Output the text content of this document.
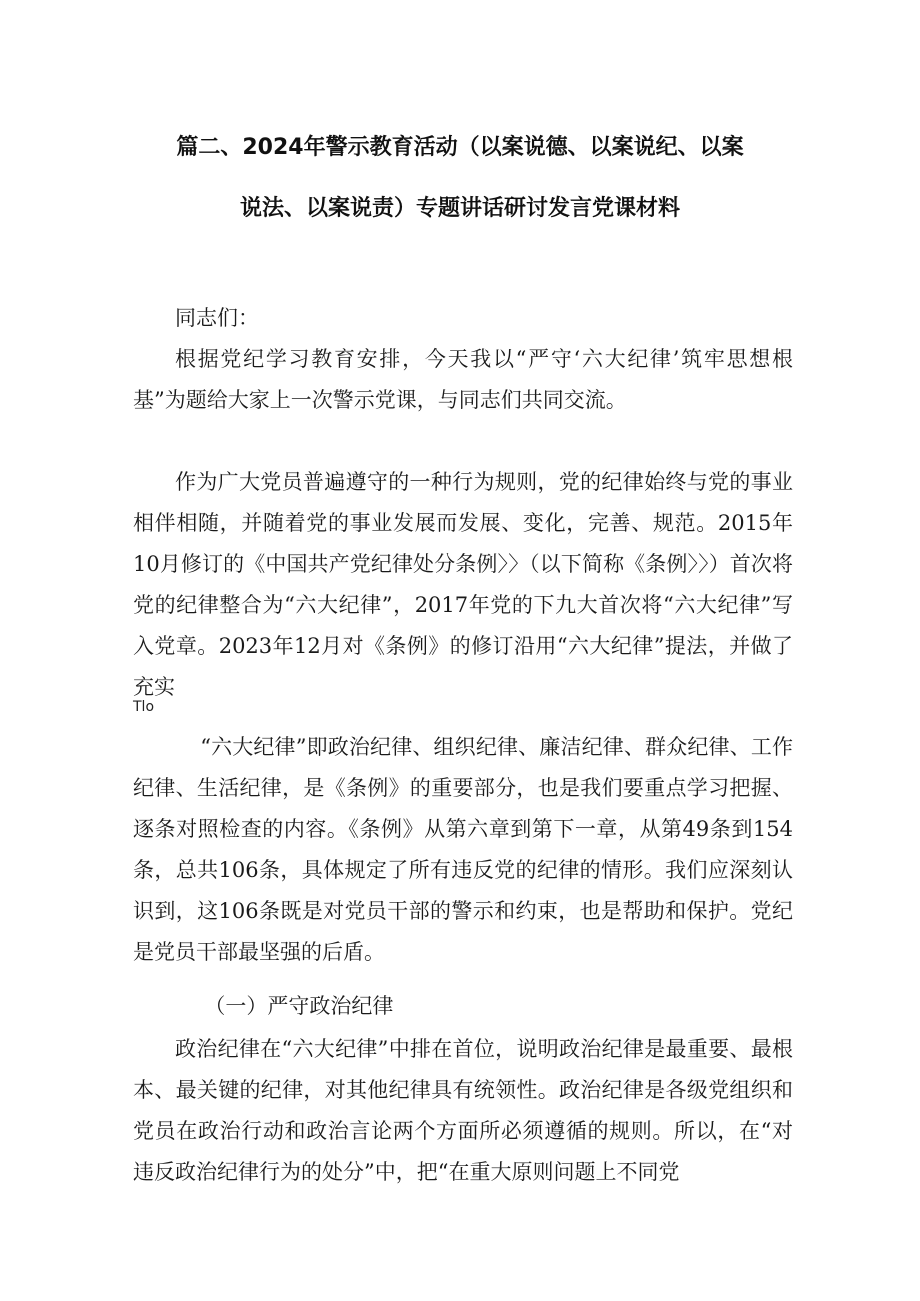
篇二、2024年警示教育活动（以案说德、以案说纪、以案
说法、以案说责）专题讲话研讨发言党课材料

同志们：

根据党纪学习教育安排，今天我以“严守‘六大纪律’筑牢思想根基”为题给大家上一次警示党课，与同志们共同交流。

作为广大党员普遍遵守的一种行为规则，党的纪律始终与党的事业相伴相随，并随着党的事业发展而发展、变化，完善、规范。2015年10月修订的《中国共产党纪律处分条例〉〉（以下简称《条例〉〉）首次将党的纪律整合为“六大纪律”，2017年党的下九大首次将“六大纪律”写入党章。2023年12月对《条例》的修订沿用“六大纪律”提法，并做了充实

Tlo

“六大纪律”即政治纪律、组织纪律、廉洁纪律、群众纪律、工作纪律、生活纪律，是《条例》的重要部分，也是我们要重点学习把握、逐条对照检查的内容。《条例》从第六章到第下一章，从第49条到154条，总共106条，具体规定了所有违反党的纪律的情形。我们应深刻认识到，这106条既是对党员干部的警示和约束，也是帮助和保护。党纪是党员干部最坚强的后盾。

（一）严守政治纪律

政治纪律在“六大纪律”中排在首位，说明政治纪律是最重要、最根本、最关键的纪律，对其他纪律具有统领性。政治纪律是各级党组织和党员在政治行动和政治言论两个方面所必须遵循的规则。所以，在“对违反政治纪律行为的处分”中，把“在重大原则问题上不同党
